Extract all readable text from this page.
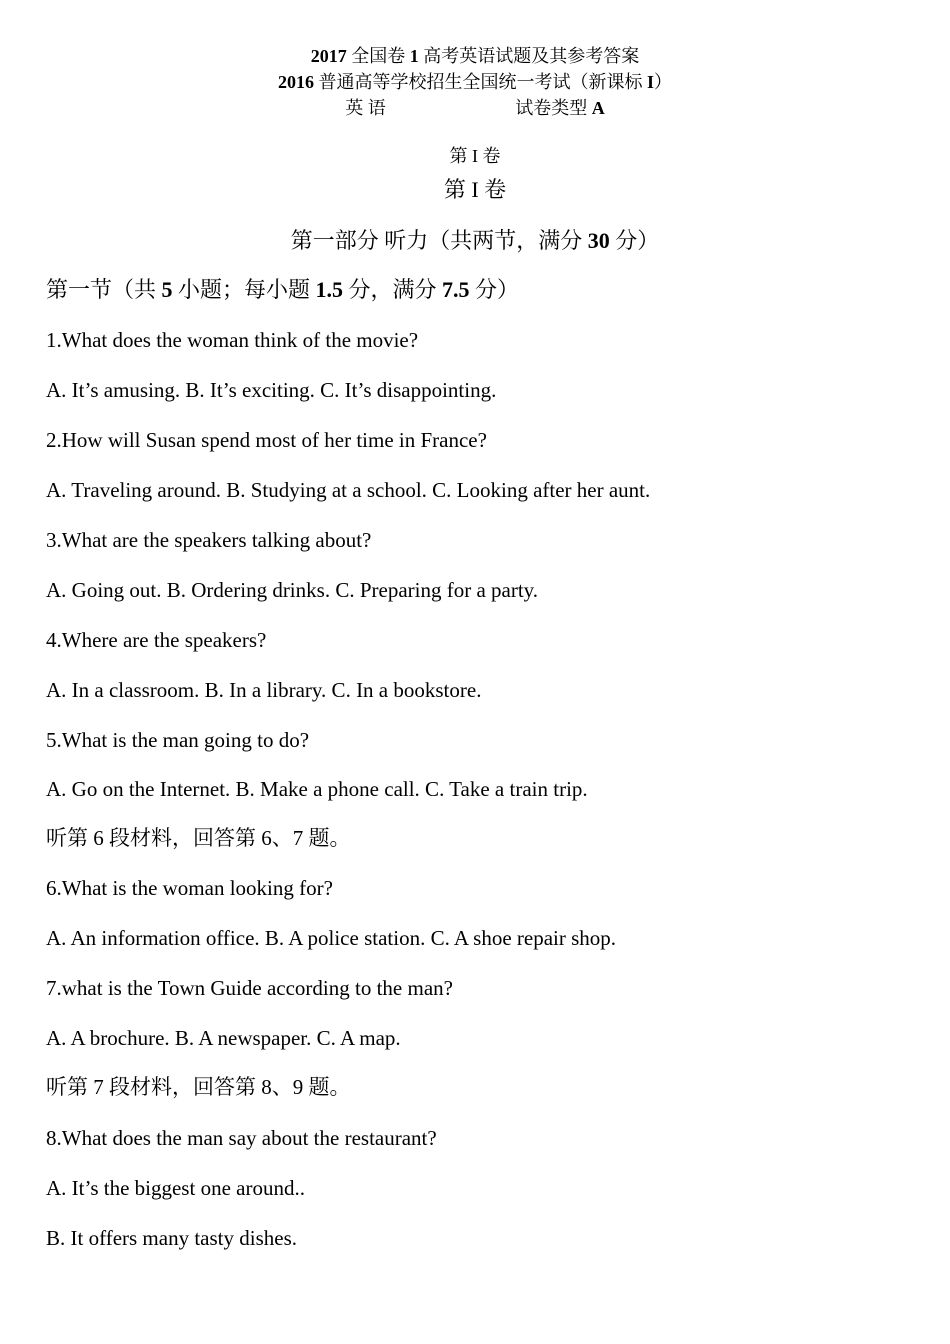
2017 全国卷 1 高考英语试题及其参考答案
2016 普通高等学校招生全国统一考试（新课标 I）
英 语	试卷类型 A
第 I 卷
第 I 卷
第一部分 听力（共两节，满分 30 分）
第一节（共 5 小题；每小题 1.5 分，满分 7.5 分）
1.What does the woman think of the movie?
A. It’s amusing. B. It’s exciting. C. It’s disappointing.
2.How will Susan spend most of her time in France?
A. Traveling around. B. Studying at a school. C. Looking after her aunt.
3.What are the speakers talking about?
A. Going out. B. Ordering drinks. C. Preparing for a party.
4.Where are the speakers?
A. In a classroom. B. In a library. C. In a bookstore.
5.What is the man going to do?
A. Go on the Internet. B. Make a phone call. C. Take a train trip.
听第 6 段材料，回答第 6、7 题。
6.What is the woman looking for?
A. An information office. B. A police station. C. A shoe repair shop.
7.what is the Town Guide according to the man?
A. A brochure. B. A newspaper. C. A map.
听第 7 段材料，回答第 8、9 题。
8.What does the man say about the restaurant?
A. It’s the biggest one around..
B. It offers many tasty dishes.
